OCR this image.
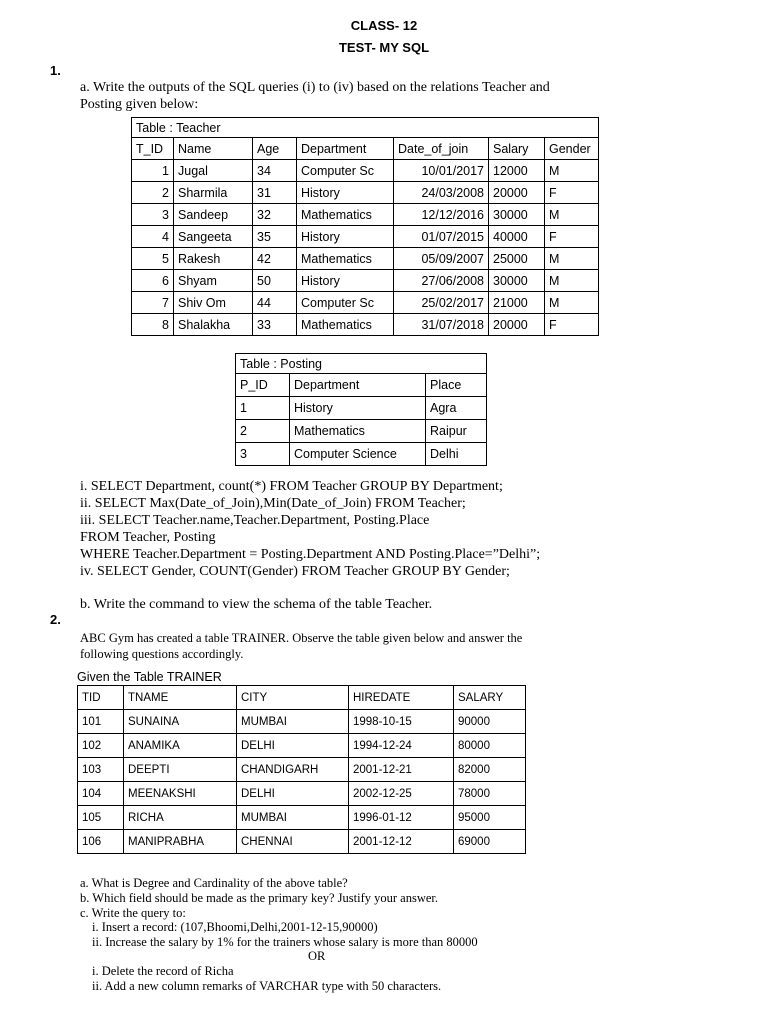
CLASS- 12
TEST- MY SQL
1.
a. Write the outputs of the SQL queries (i) to (iv) based on the relations Teacher and
Posting given below:
Table : Teacher						
T_ID	Name	Age	Department	Date_of_join	Salary	Gender
1	Jugal	34	Computer Sc	10/01/2017	12000	M
2	Sharmila	31	History	24/03/2008	20000	F
3	Sandeep	32	Mathematics	12/12/2016	30000	M
4	Sangeeta	35	History	01/07/2015	40000	F
5	Rakesh	42	Mathematics	05/09/2007	25000	M
6	Shyam	50	History	27/06/2008	30000	M
7	Shiv Om	44	Computer Sc	25/02/2017	21000	M
8	Shalakha	33	Mathematics	31/07/2018	20000	F
Table : Posting		
P_ID	Department	Place
1	History	Agra
2	Mathematics	Raipur
3	Computer Science	Delhi
i. SELECT Department, count(*) FROM Teacher GROUP BY Department;
ii. SELECT Max(Date_of_Join),Min(Date_of_Join) FROM Teacher;
iii. SELECT Teacher.name,Teacher.Department, Posting.Place
FROM Teacher, Posting
WHERE Teacher.Department = Posting.Department AND Posting.Place=”Delhi”;
iv. SELECT Gender, COUNT(Gender) FROM Teacher GROUP BY Gender;
b. Write the command to view the schema of the table Teacher.
2.
ABC Gym has created a table TRAINER. Observe the table given below and answer the
following questions accordingly.
Given the Table TRAINER
TID	TNAME	CITY	HIREDATE	SALARY
101	SUNAINA	MUMBAI	1998-10-15	90000
102	ANAMIKA	DELHI	1994-12-24	80000
103	DEEPTI	CHANDIGARH	2001-12-21	82000
104	MEENAKSHI	DELHI	2002-12-25	78000
105	RICHA	MUMBAI	1996-01-12	95000
106	MANIPRABHA	CHENNAI	2001-12-12	69000
a. What is Degree and Cardinality of the above table?
b. Which field should be made as the primary key? Justify your answer.
c. Write the query to:
i. Insert a record: (107,Bhoomi,Delhi,2001-12-15,90000)
ii. Increase the salary by 1% for the trainers whose salary is more than 80000
OR
i. Delete the record of Richa
ii. Add a new column remarks of VARCHAR type with 50 characters.
